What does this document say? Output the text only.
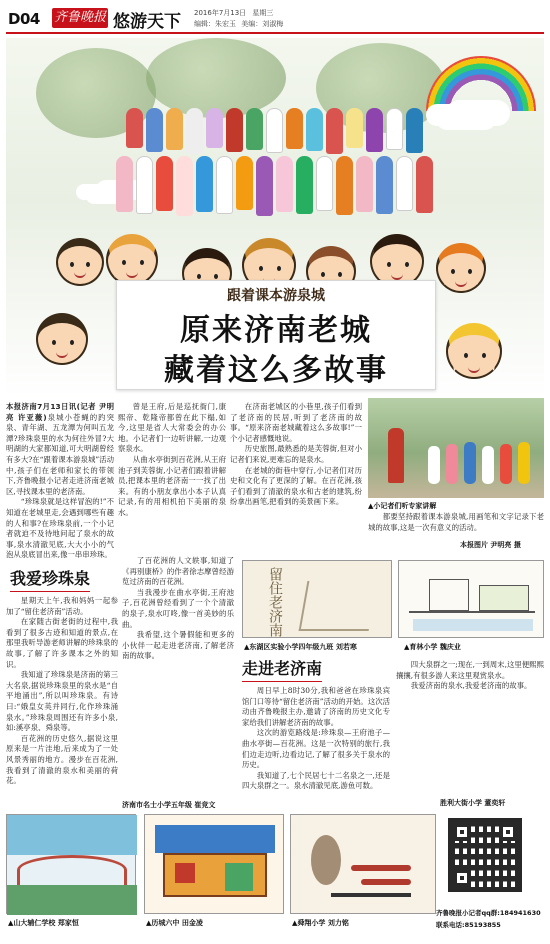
D04 齐鲁晚报 悠游天下 2016年7月13日 星期三
编辑：朱宏玉 美编：刘淑梅
跟着课本游泉城
原来济南老城
藏着这么多故事

本报济南7月13日讯(记者 尹明亮 许亚薇)泉城小苍蝇的趵突泉、青年湖、五龙潭为何叫五龙潭?珍珠泉里的水为何往外冒?大明湖的大家都知道,可大明湖曾经有多大?在“跟着课本游泉城”活动中,孩子们在老师和家长的带领下,齐鲁晚报小记者走进济南老城区,寻找课本里的老济南。

“珍珠泉就是这样冒泡的!”不知道在老城里走,会遇到哪些有趣的人和事?在珍珠泉前,一个小记者就迫不及待地问起了泉水的故事,泉水清澈见底,大大小小的气泡从泉底冒出来,像一串串珍珠。

曾是王府,后是巡抚衙门,康熙帝、乾隆帝都曾在此下榻,如今,这里是省人大常委会的办公地。小记者们一边听讲解,一边观察泉水。

从曲水亭街到百花洲,从王府池子到芙蓉街,小记者们跟着讲解员,把课本里的老济南一一找了出来。有的小朋友拿出小本子认真记录,有的用相机拍下美丽的泉水。

在济南老城区的小巷里,孩子们看到了老济南的民居,听到了老济南的故事。“原来济南老城藏着这么多故事!”一个小记者感慨地说。

历史旅图,最熟悉的是芙蓉街,但对小记者们来说,更难忘的是泉水。

在老城的街巷中穿行,小记者们对历史和文化有了更深的了解。在百花洲,孩子们看到了清澈的泉水和古老的建筑,纷纷拿出画笔,把看到的美景画下来。	▲小记者们听专家讲解

都要坚持跟着课本游泉城,用画笔和文字记录下老城的故事,这是一次有意义的活动。

本报图片 尹明亮 摄
我爱珍珠泉

星期天上午,我和妈妈一起参加了“留住老济南”活动。

在家随古街老街的过程中,我看到了很多古迹和知道的景点,在那里我听导游老师讲解的珍珠泉的故事,了解了许多课本之外的知识。

我知道了珍珠泉是济南的第三大名泉,据说珍珠泉里的泉水是“自平地涌出”,所以叫珍珠泉。有诗曰:“娥皇女英并同行,化作珍珠涌泉水。”珍珠泉周围还有许多小泉,如:溪亭泉、舜泉等。

百花洲的历史悠久,据说这里原来是一片洼地,后来成为了一处风景秀丽的地方。漫步在百花洲,我看到了清澈的泉水和美丽的荷花。

了百花洲的人文轶事,知道了《再别康桥》的作者徐志摩曾经游览过济南的百花洲。

当我漫步在曲水亭街,王府池子,百花洲曾经看到了一个个清澈的泉子,泉水叮咚,像一首美妙的乐曲。

我希望,这个暑假能和更多的小伙伴一起走进老济南,了解老济南的故事。

济南市名士小学五年级 崔竞文
留住老济南
▲东湖区实验小学四年级九班 刘若寒	▲育林小学 魏庆业
走进老济南

周日早上8时30分,我和爸爸在珍珠泉宾馆门口等待“留住老济南”活动的开始。这次活动由齐鲁晚报主办,邀请了济南的历史文化专家给我们讲解老济南的故事。

这次的游览路线是:珍珠泉—王府池子—曲水亭街—百花洲。这是一次特别的旅行,我们边走边听,边看边记,了解了很多关于泉水的历史。

我知道了,七个民居七十二名泉之一,还是四大泉群之一。泉水清澈见底,游鱼可数。

四大泉群之一;现在,一到周末,这里便熙熙攘攘,有很多游人来这里观赏泉水。

我爱济南的泉水,我爱老济南的故事。

胜利大街小学 董奕轩
▲山大辅仁学校 郑家恒	▲历城六中 田金凌	▲舜翔小学 刘力铭
齐鲁晚报小记者qq群:184941630
联系电话:85193855
